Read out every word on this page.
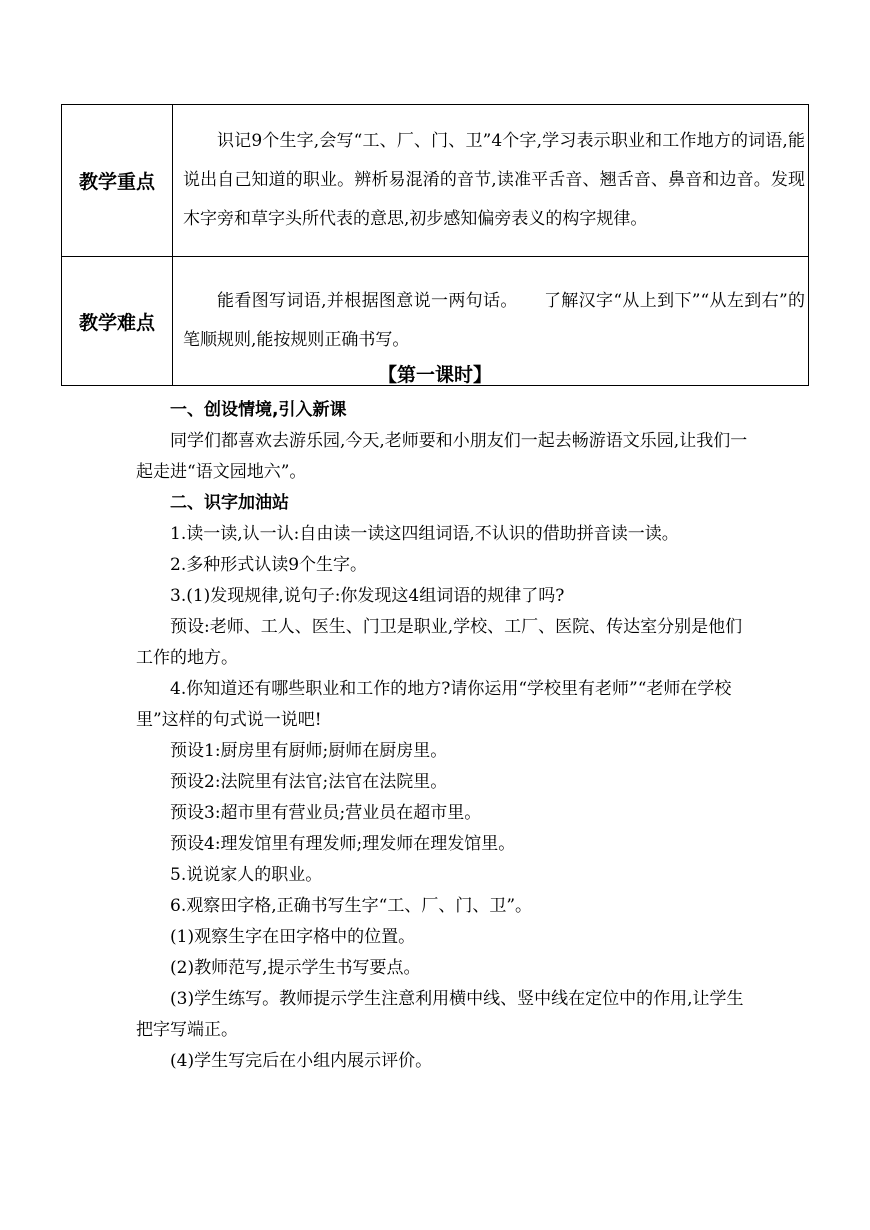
教学重点	识记9个生字,会写“工、厂、门、卫”4个字,学习表示职业和工作地方的词语,能说出自己知道的职业。辨析易混淆的音节,读准平舌音、翘舌音、鼻音和边音。发现木字旁和草字头所代表的意思,初步感知偏旁表义的构字规律。
教学难点	能看图写词语,并根据图意说一两句话。　　了解汉字“从上到下”“从左到右”的笔顺规则,能按规则正确书写。
【第一课时】

一、创设情境,引入新课

同学们都喜欢去游乐园,今天,老师要和小朋友们一起去畅游语文乐园,让我们一起走进“语文园地六”。

二、识字加油站

1.读一读,认一认:自由读一读这四组词语,不认识的借助拼音读一读。

2.多种形式认读9个生字。

3.(1)发现规律,说句子:你发现这4组词语的规律了吗?

预设:老师、工人、医生、门卫是职业,学校、工厂、医院、传达室分别是他们工作的地方。

4.你知道还有哪些职业和工作的地方?请你运用“学校里有老师”“老师在学校里”这样的句式说一说吧!

预设1:厨房里有厨师;厨师在厨房里。

预设2:法院里有法官;法官在法院里。

预设3:超市里有营业员;营业员在超市里。

预设4:理发馆里有理发师;理发师在理发馆里。

5.说说家人的职业。

6.观察田字格,正确书写生字“工、厂、门、卫”。

(1)观察生字在田字格中的位置。

(2)教师范写,提示学生书写要点。

(3)学生练写。教师提示学生注意利用横中线、竖中线在定位中的作用,让学生把字写端正。

(4)学生写完后在小组内展示评价。
